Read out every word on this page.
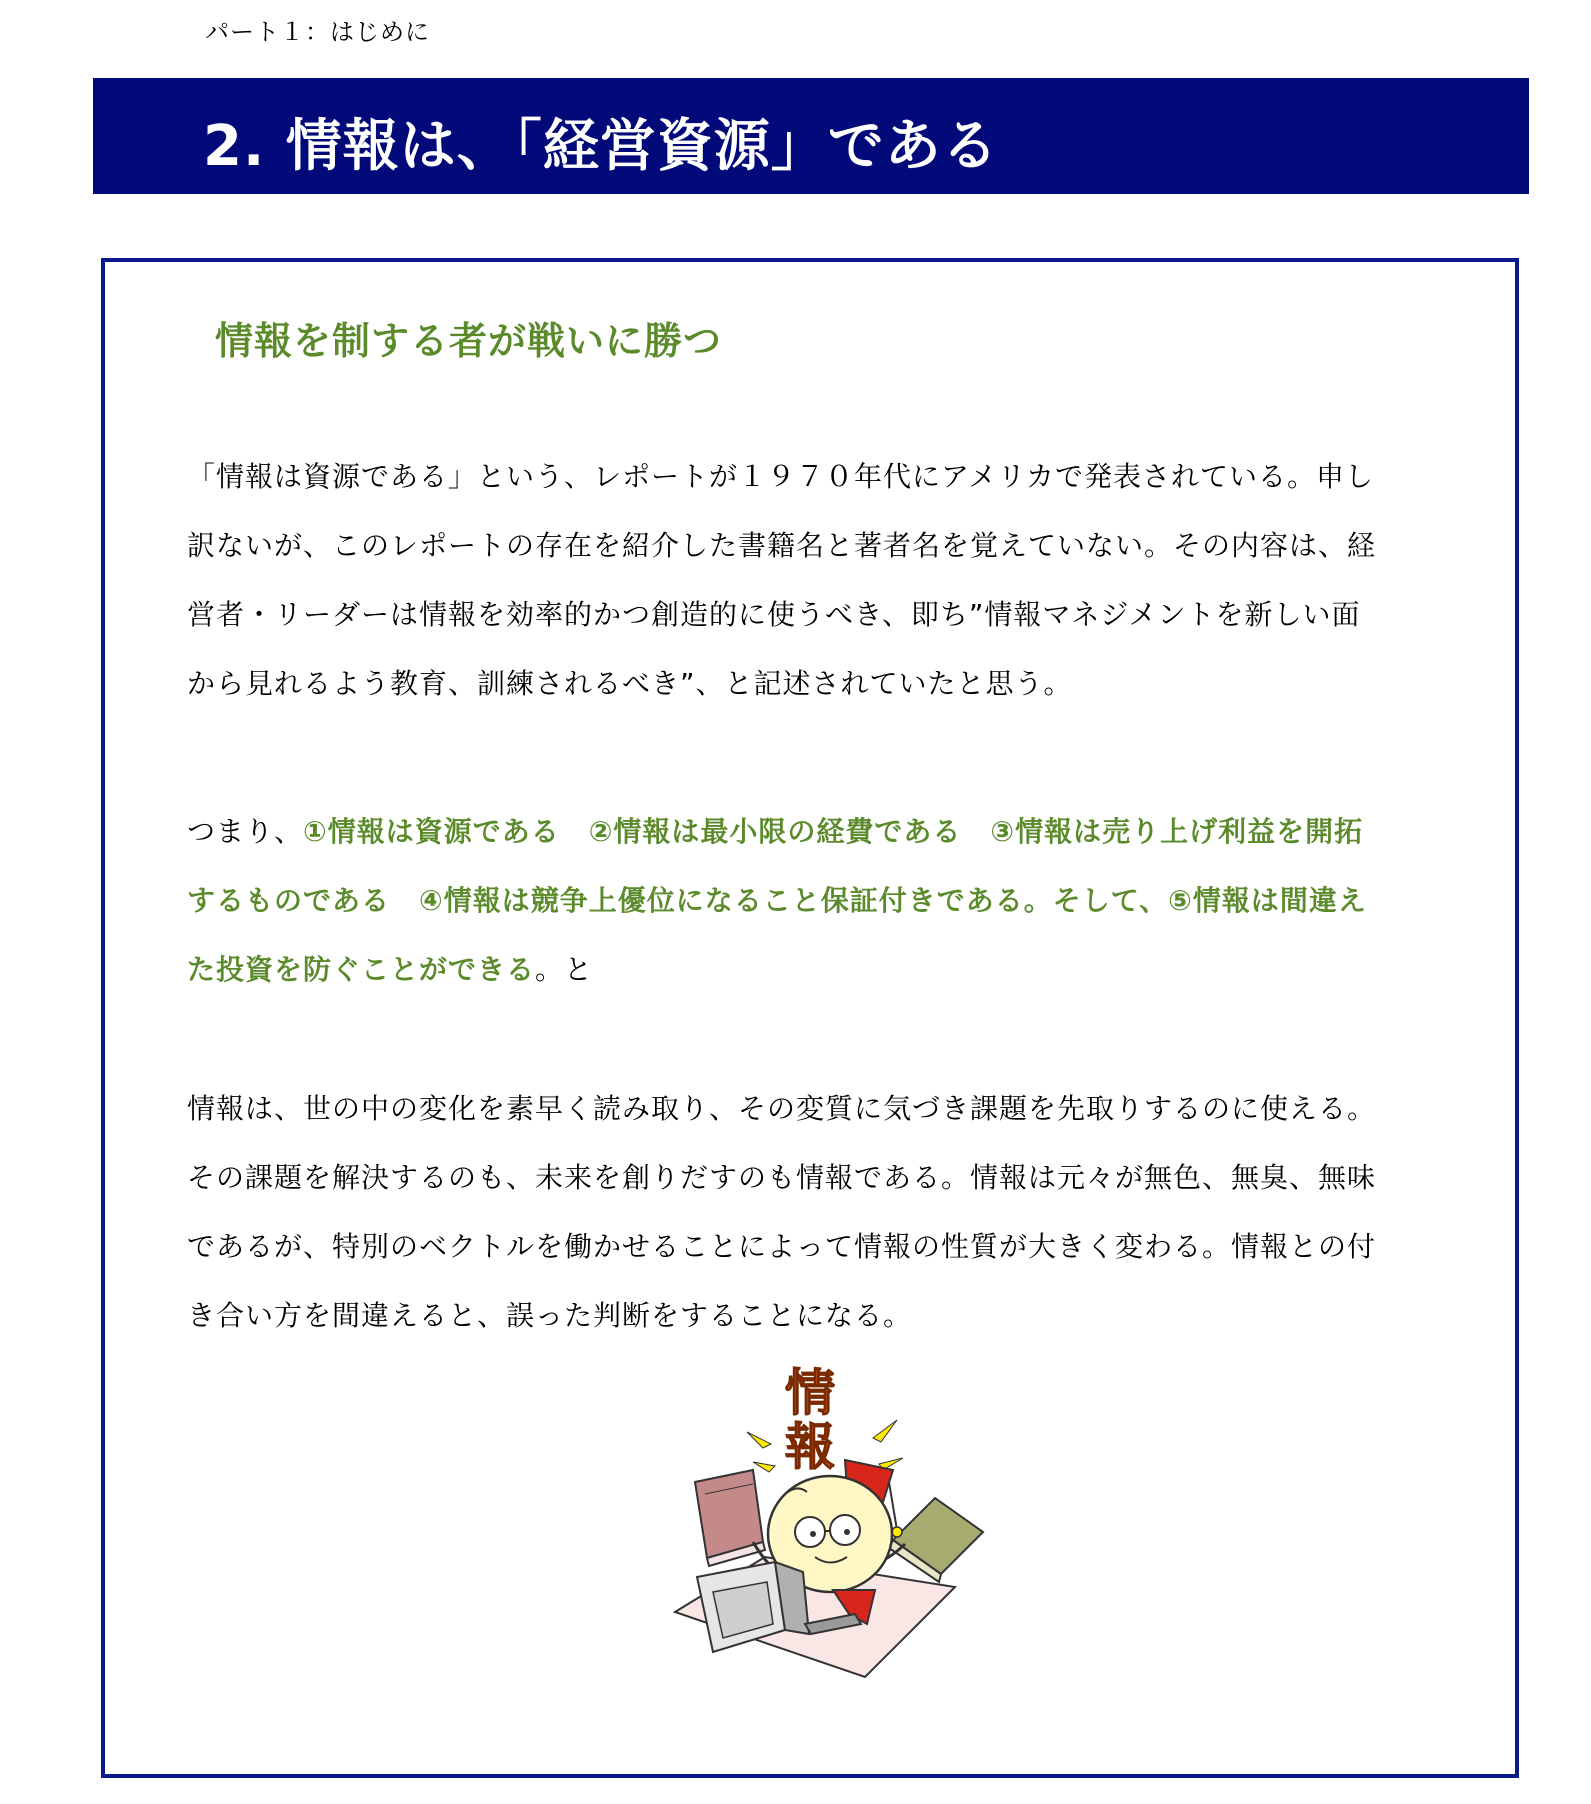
パート１：はじめに
2. 情報は、「経営資源」である
情報を制する者が戦いに勝つ

「情報は資源である」という、レポートが１９７０年代にアメリカで発表されている。申し訳ないが、このレポートの存在を紹介した書籍名と著者名を覚えていない。その内容は、経営者・リーダーは情報を効率的かつ創造的に使うべき、即ち”情報マネジメントを新しい面から見れるよう教育、訓練されるべき”、と記述されていたと思う。

つまり、①情報は資源である　②情報は最小限の経費である　③情報は売り上げ利益を開拓するものである　④情報は競争上優位になること保証付きである。そして、⑤情報は間違えた投資を防ぐことができる。と

情報は、世の中の変化を素早く読み取り、その変質に気づき課題を先取りするのに使える。その課題を解決するのも、未来を創りだすのも情報である。情報は元々が無色、無臭、無味であるが、特別のベクトルを働かせることによって情報の性質が大きく変わる。情報との付き合い方を間違えると、誤った判断をすることになる。

情
報
